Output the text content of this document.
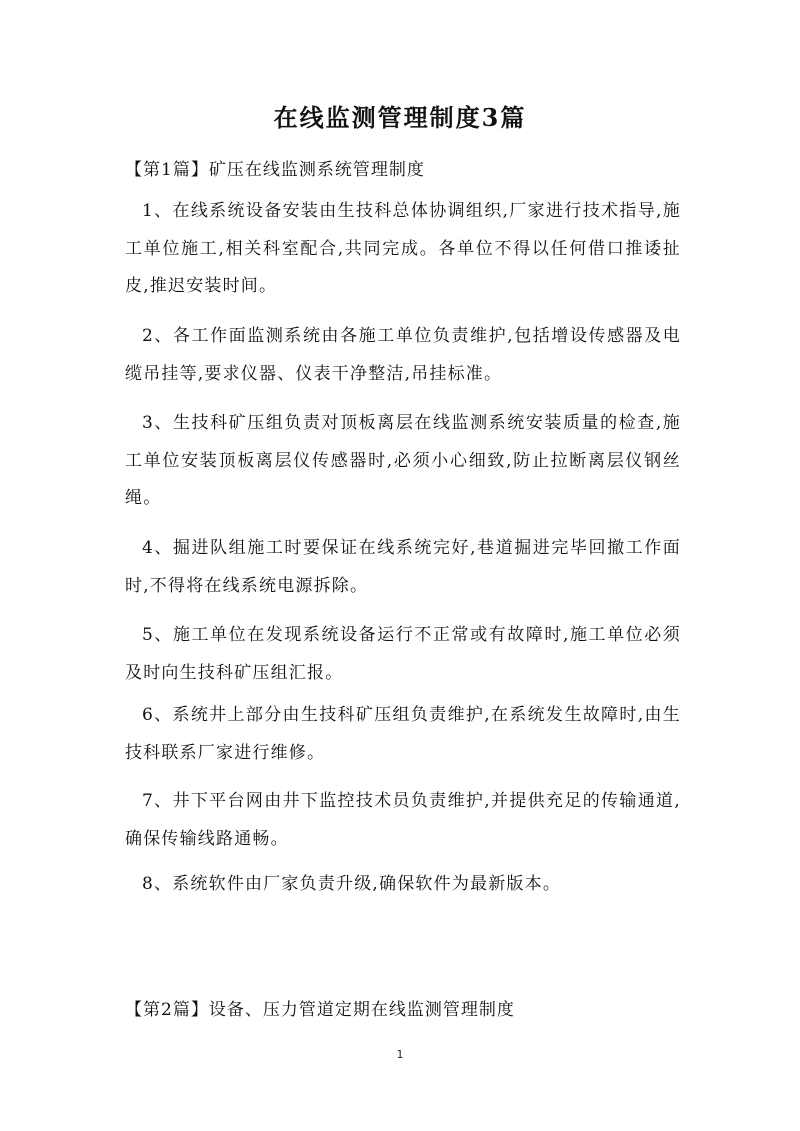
在线监测管理制度3篇
【第1篇】矿压在线监测系统管理制度
1、在线系统设备安装由生技科总体协调组织,厂家进行技术指导,施工单位施工,相关科室配合,共同完成。各单位不得以任何借口推诿扯皮,推迟安装时间。
2、各工作面监测系统由各施工单位负责维护,包括增设传感器及电缆吊挂等,要求仪器、仪表干净整洁,吊挂标准。
3、生技科矿压组负责对顶板离层在线监测系统安装质量的检查,施工单位安装顶板离层仪传感器时,必须小心细致,防止拉断离层仪钢丝绳。
4、掘进队组施工时要保证在线系统完好,巷道掘进完毕回撤工作面时,不得将在线系统电源拆除。
5、施工单位在发现系统设备运行不正常或有故障时,施工单位必须及时向生技科矿压组汇报。
6、系统井上部分由生技科矿压组负责维护,在系统发生故障时,由生技科联系厂家进行维修。
7、井下平台网由井下监控技术员负责维护,并提供充足的传输通道,确保传输线路通畅。
8、系统软件由厂家负责升级,确保软件为最新版本。
【第2篇】设备、压力管道定期在线监测管理制度
1
